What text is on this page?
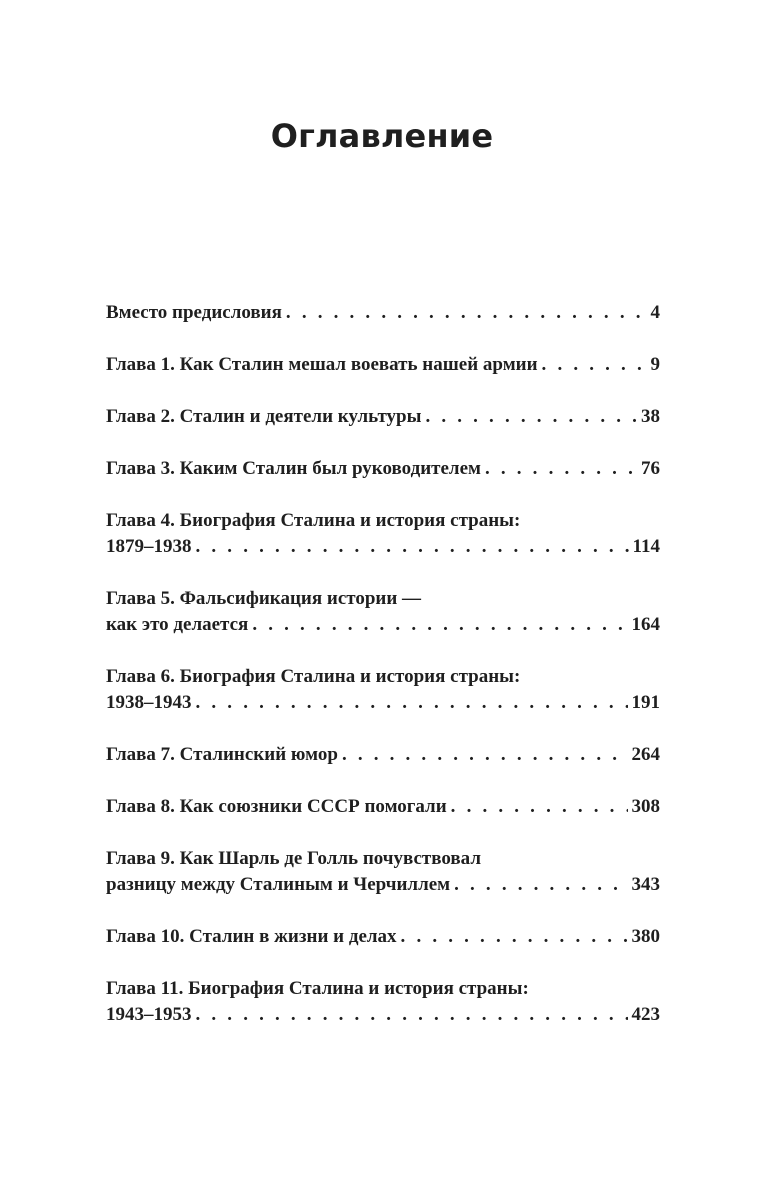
Оглавление
Вместо предисловия . . .	4
Глава 1. Как Сталин мешал воевать нашей армии . . .	9
Глава 2. Сталин и деятели культуры . . .	38
Глава 3. Каким Сталин был руководителем . . .	76
Глава 4. Биография Сталина и история страны:
1879–1938 . . .	114
Глава 5. Фальсификация истории —
как это делается . . .	164
Глава 6. Биография Сталина и история страны:
1938–1943 . . .	191
Глава 7. Сталинский юмор . . .	264
Глава 8. Как союзники СССР помогали . . .	308
Глава 9. Как Шарль де Голль почувствовал
разницу между Сталиным и Черчиллем . . .	343
Глава 10. Сталин в жизни и делах . . .	380
Глава 11. Биография Сталина и история страны:
1943–1953 . . .	423
